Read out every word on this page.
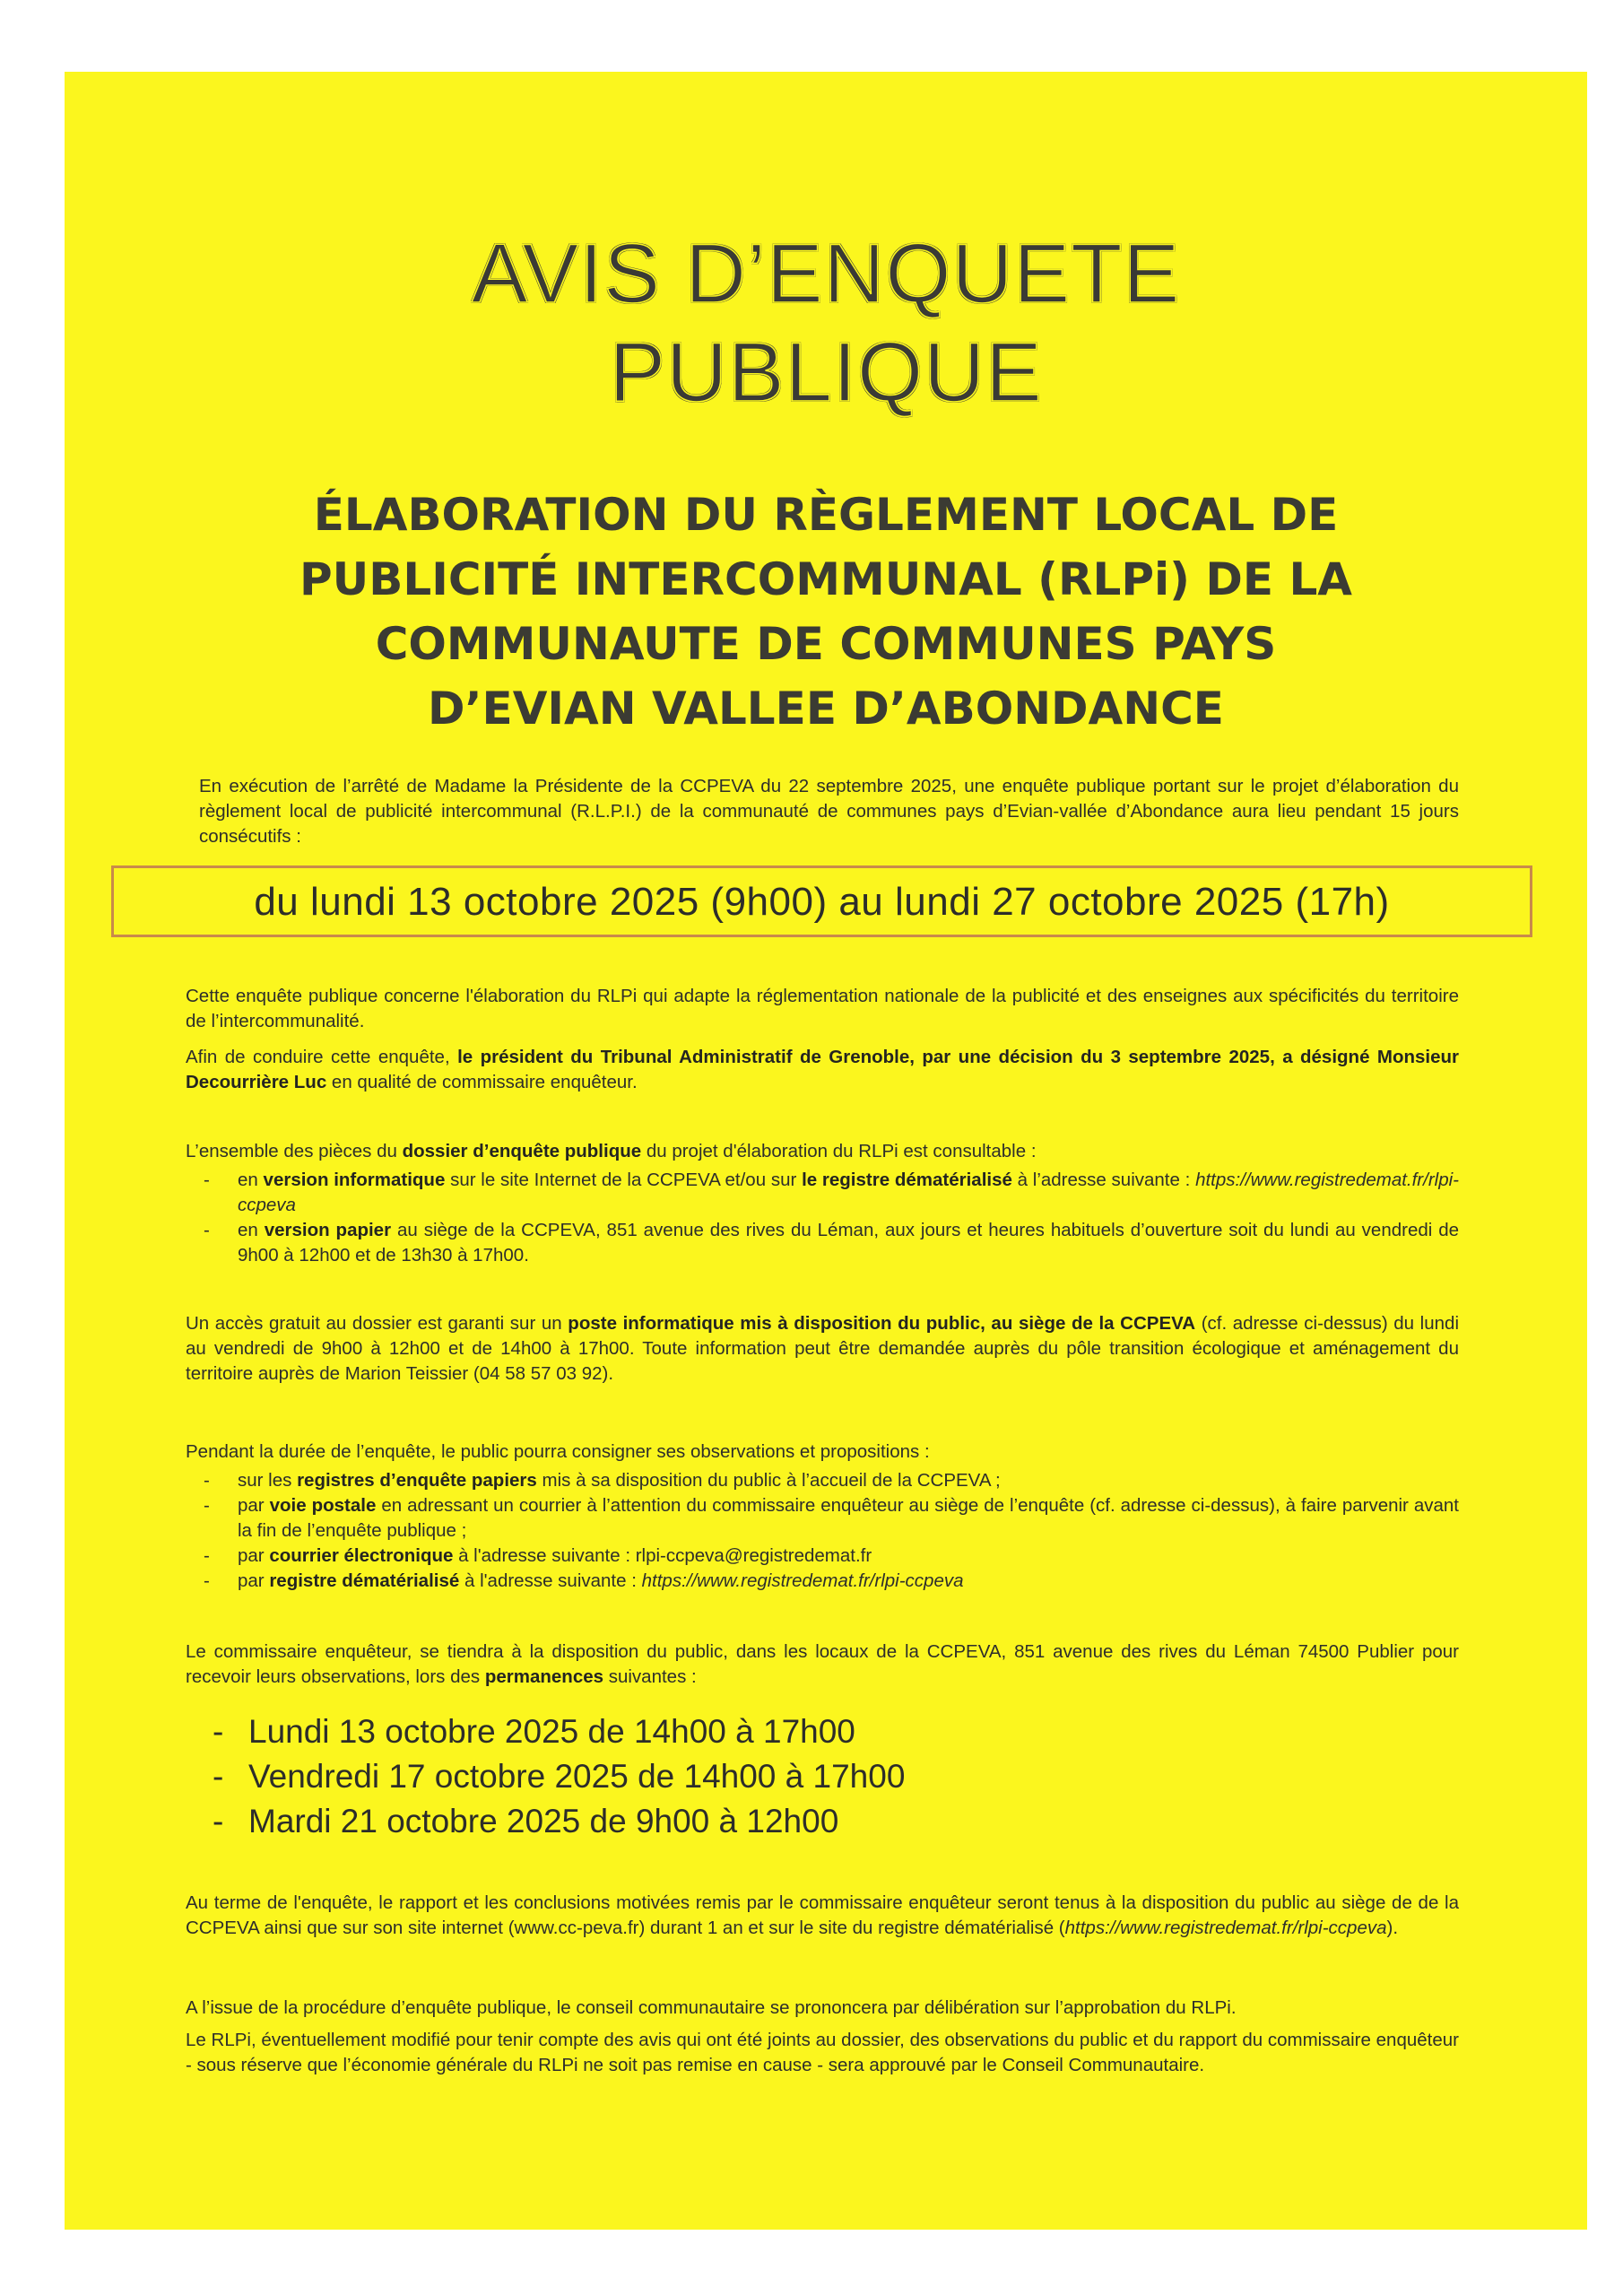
AVIS D’ENQUETE
PUBLIQUE
ÉLABORATION DU RÈGLEMENT LOCAL DE
PUBLICITÉ INTERCOMMUNAL (RLPi) DE LA
COMMUNAUTE DE COMMUNES PAYS
D’EVIAN VALLEE D’ABONDANCE

En exécution de l’arrêté de Madame la Présidente de la CCPEVA du 22 septembre 2025, une enquête publique portant sur le projet d’élaboration du règlement local de publicité intercommunal (R.L.P.I.) de la communauté de communes pays d’Evian-vallée d’Abondance aura lieu pendant 15 jours consécutifs :

du lundi 13 octobre 2025 (9h00) au lundi 27 octobre 2025 (17h)

Cette enquête publique concerne l'élaboration du RLPi qui adapte la réglementation nationale de la publicité et des enseignes aux spécificités du territoire de l’intercommunalité.

Afin de conduire cette enquête, le président du Tribunal Administratif de Grenoble, par une décision du 3 septembre 2025, a désigné Monsieur Decourrière Luc en qualité de commissaire enquêteur.

L’ensemble des pièces du dossier d’enquête publique du projet d'élaboration du RLPi est consultable :
- en version informatique sur le site Internet de la CCPEVA et/ou sur le registre dématérialisé à l’adresse suivante : https://www.registredemat.fr/rlpi-ccpeva
- en version papier au siège de la CCPEVA, 851 avenue des rives du Léman, aux jours et heures habituels d’ouverture soit du lundi au vendredi de 9h00 à 12h00 et de 13h30 à 17h00.

Un accès gratuit au dossier est garanti sur un poste informatique mis à disposition du public, au siège de la CCPEVA (cf. adresse ci-dessus) du lundi au vendredi de 9h00 à 12h00 et de 14h00 à 17h00. Toute information peut être demandée auprès du pôle transition écologique et aménagement du territoire auprès de Marion Teissier (04 58 57 03 92).

Pendant la durée de l’enquête, le public pourra consigner ses observations et propositions :
- sur les registres d’enquête papiers mis à sa disposition du public à l’accueil de la CCPEVA ;
- par voie postale en adressant un courrier à l’attention du commissaire enquêteur au siège de l’enquête (cf. adresse ci-dessus), à faire parvenir avant la fin de l’enquête publique ;
- par courrier électronique à l'adresse suivante : rlpi-ccpeva@registredemat.fr
- par registre dématérialisé à l'adresse suivante : https://www.registredemat.fr/rlpi-ccpeva

Le commissaire enquêteur, se tiendra à la disposition du public, dans les locaux de la CCPEVA, 851 avenue des rives du Léman 74500 Publier pour recevoir leurs observations, lors des permanences suivantes :

- Lundi 13 octobre 2025 de 14h00 à 17h00
- Vendredi 17 octobre 2025 de 14h00 à 17h00
- Mardi 21 octobre 2025 de 9h00 à 12h00

Au terme de l'enquête, le rapport et les conclusions motivées remis par le commissaire enquêteur seront tenus à la disposition du public au siège de de la CCPEVA ainsi que sur son site internet (www.cc-peva.fr) durant 1 an et sur le site du registre dématérialisé (https://www.registredemat.fr/rlpi-ccpeva).

A l’issue de la procédure d’enquête publique, le conseil communautaire se prononcera par délibération sur l’approbation du RLPi.

Le RLPi, éventuellement modifié pour tenir compte des avis qui ont été joints au dossier, des observations du public et du rapport du commissaire enquêteur - sous réserve que l’économie générale du RLPi ne soit pas remise en cause - sera approuvé par le Conseil Communautaire.
